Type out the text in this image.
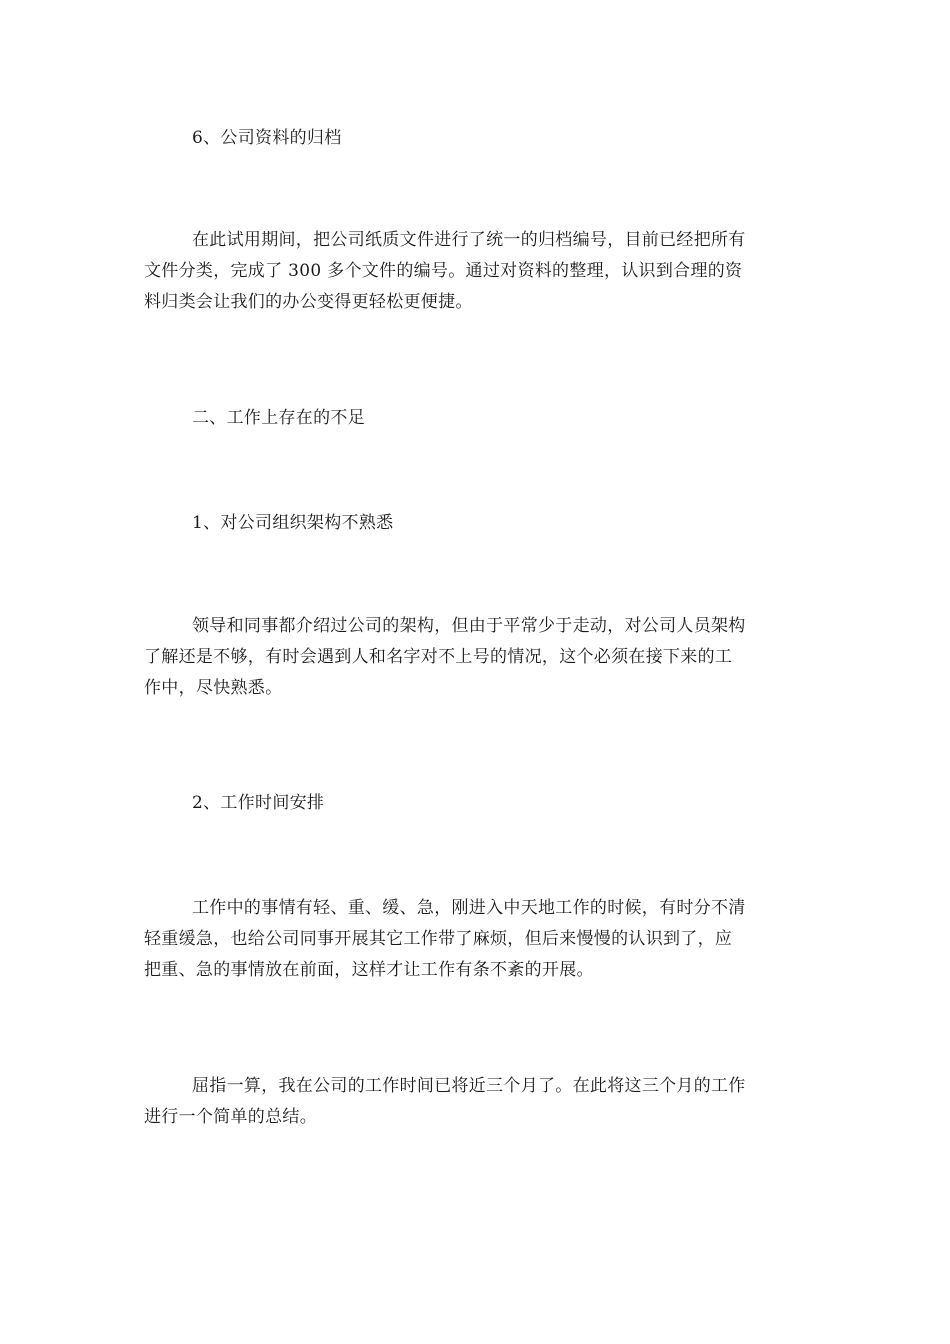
6、公司资料的归档
在此试用期间，把公司纸质文件进行了统一的归档编号，目前已经把所有
文件分类，完成了 300 多个文件的编号。通过对资料的整理，认识到合理的资
料归类会让我们的办公变得更轻松更便捷。
二、工作上存在的不足
1、对公司组织架构不熟悉
领导和同事都介绍过公司的架构，但由于平常少于走动，对公司人员架构
了解还是不够，有时会遇到人和名字对不上号的情况，这个必须在接下来的工
作中，尽快熟悉。
2、工作时间安排
工作中的事情有轻、重、缓、急，刚进入中天地工作的时候，有时分不清
轻重缓急，也给公司同事开展其它工作带了麻烦，但后来慢慢的认识到了，应
把重、急的事情放在前面，这样才让工作有条不紊的开展。
屈指一算，我在公司的工作时间已将近三个月了。在此将这三个月的工作
进行一个简单的总结。
